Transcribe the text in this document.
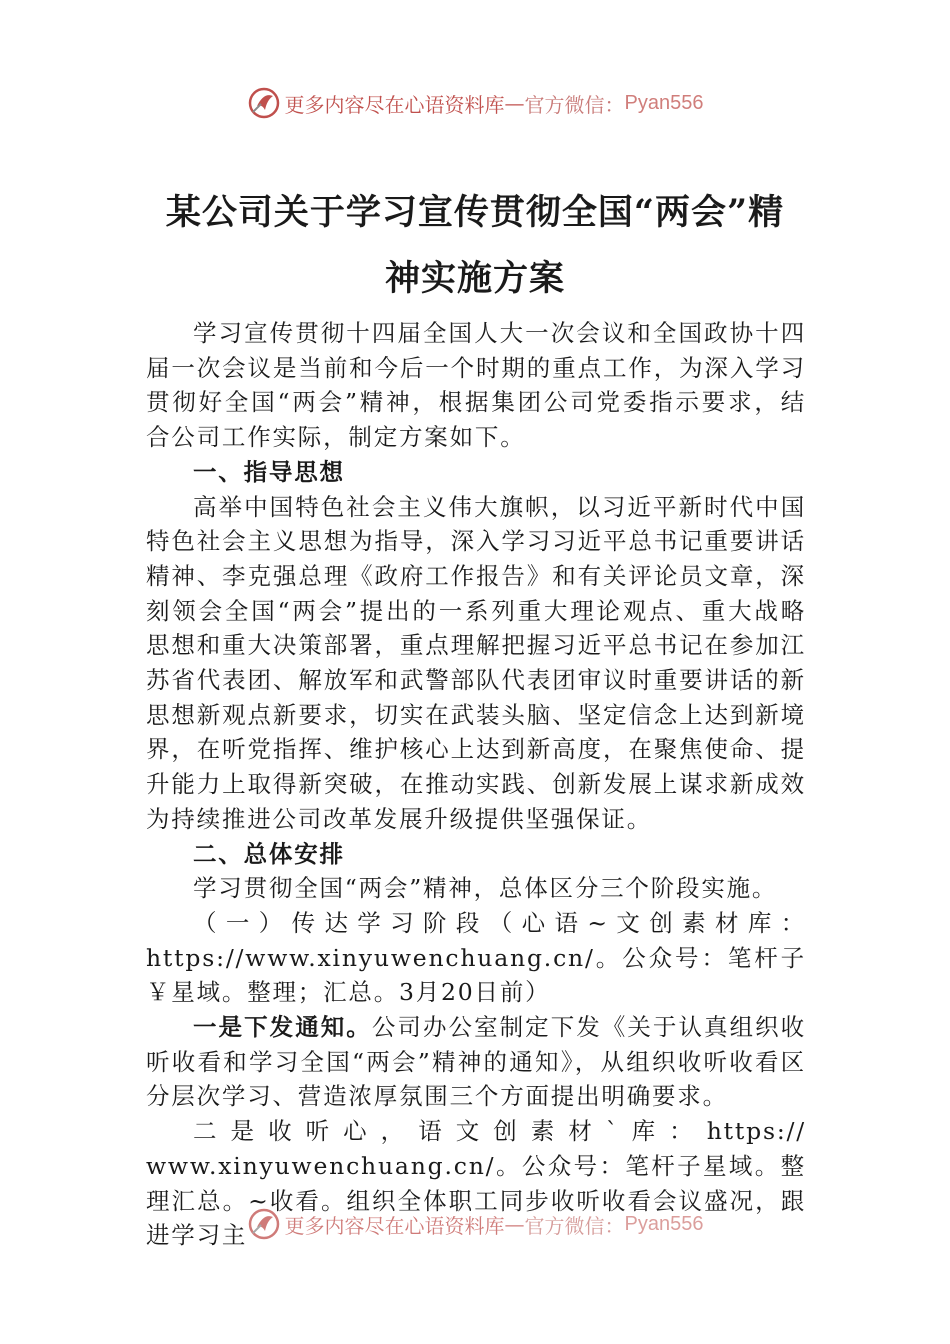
更多内容尽在心语资料库 — 官方微信： Pyan556
某公司关于学习宣传贯彻全国“两会”精
神实施方案

学习宣传贯彻十四届全国人大一次会议和全国政协十四届一次会议是当前和今后一个时期的重点工作，为深入学习贯彻好全国“两会”精神，根据集团公司党委指示要求，结合公司工作实际，制定方案如下。

一、指导思想

高举中国特色社会主义伟大旗帜，以习近平新时代中国特色社会主义思想为指导，深入学习习近平总书记重要讲话精神、李克强总理《政府工作报告》和有关评论员文章，深刻领会全国“两会”提出的一系列重大理论观点、重大战略思想和重大决策部署，重点理解把握习近平总书记在参加江苏省代表团、解放军和武警部队代表团审议时重要讲话的新思想新观点新要求，切实在武装头脑、坚定信念上达到新境界，在听党指挥、维护核心上达到新高度，在聚焦使命、提升能力上取得新突破，在推动实践、创新发展上谋求新成效为持续推进公司改革发展升级提供坚强保证。

二、总体安排

学习贯彻全国“两会”精神，总体区分三个阶段实施。

（一）传达学习阶段（心语~文创素材库：https://www.xinyuwenchuang.cn/。公众号：笔杆子￥星域。整理；汇总。3月20日前）

一是下发通知。公司办公室制定下发《关于认真组织收听收看和学习全国“两会”精神的通知》，从组织收听收看区分层次学习、营造浓厚氛围三个方面提出明确要求。

二是收听心，语文创素材`库：https://

www.xinyuwenchuang.cn/。公众号：笔杆子星域。整理汇总。~收看。组织全体职工同步收听收看会议盛况，跟进学习主	更多内容尽在心语资料库 — 官方微信： Pyan556
